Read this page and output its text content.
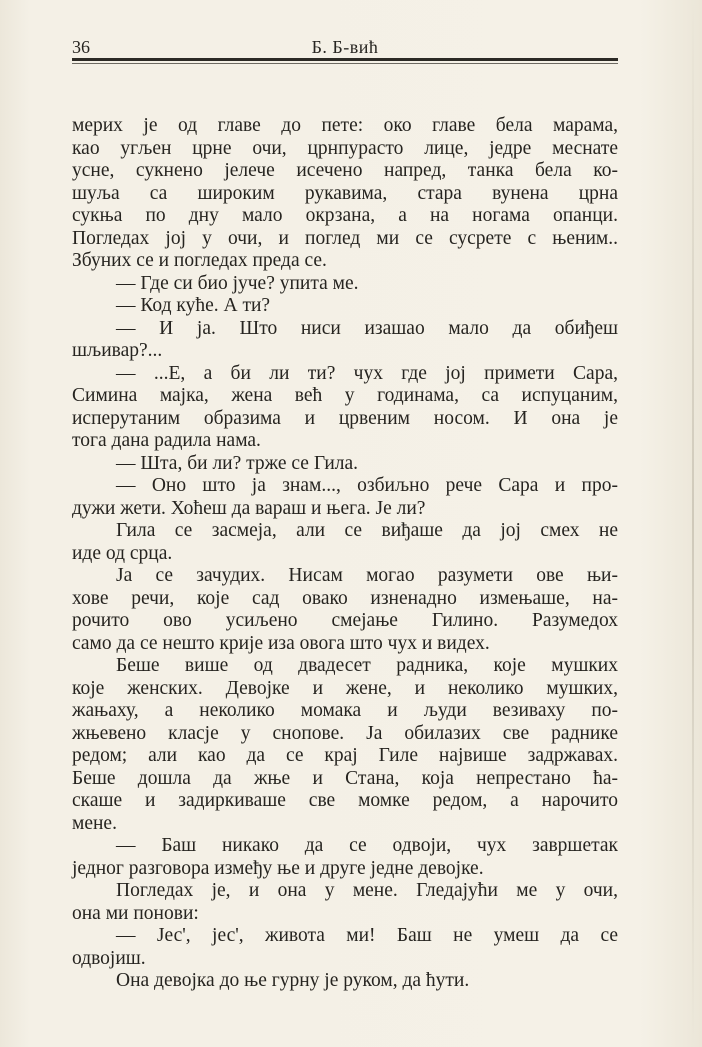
36	Б. Б-вић
мерих је од главе до пете: око главе бела марама,
као угљен црне очи, црнпурасто лице, једре меснате
усне, сукнено јелече исечено напред, танка бела ко-
шуља са широким рукавима, стара вунена црна
сукња по дну мало окрзана, а на ногама опанци.
Погледах јој у очи, и поглед ми се сусрете с њеним..
Збуних се и погледах преда се.
— Где си био јуче? упита ме.
— Код куће. А ти?
— И ја. Што ниси изашао мало да обиђеш
шљивар?...
— ...Е, а би ли ти? чух где јој примети Сара,
Симина мајка, жена већ у годинама, са испуцаним,
исперутаним образима и црвеним носом. И она је
тога дана радила нама.
— Шта, би ли? трже се Гила.
— Оно што ја знам..., озбиљно рече Сара и про-
дужи жети. Хоћеш да вараш и њега. Је ли?
Гила се засмеја, али се виђаше да јој смех не
иде од срца.
Ја се зачудих. Нисам могао разумети ове њи-
хове речи, које сад овако изненадно измењаше, на-
рочито ово усиљено смејање Гилино. Разумедох
само да се нешто крије иза овога што чух и видех.
Беше више од двадесет радника, које мушких
које женских. Девојке и жене, и неколико мушких,
жањаху, а неколико момака и људи везиваху по-
жњевено класје у снопове. Ја обилазих све раднике
редом; али као да се крај Гиле највише задржавах.
Беше дошла да жње и Стана, која непрестано ћа-
скаше и задиркиваше све момке редом, а нарочито
мене.
— Баш никако да се одвоји, чух завршетак
једног разговора између ње и друге једне девојке.
Погледах је, и она у мене. Гледајући ме у очи,
она ми понови:
— Јес', јес', живота ми! Баш не умеш да се
одвојиш.
Она девојка до ње гурну је руком, да ћути.
